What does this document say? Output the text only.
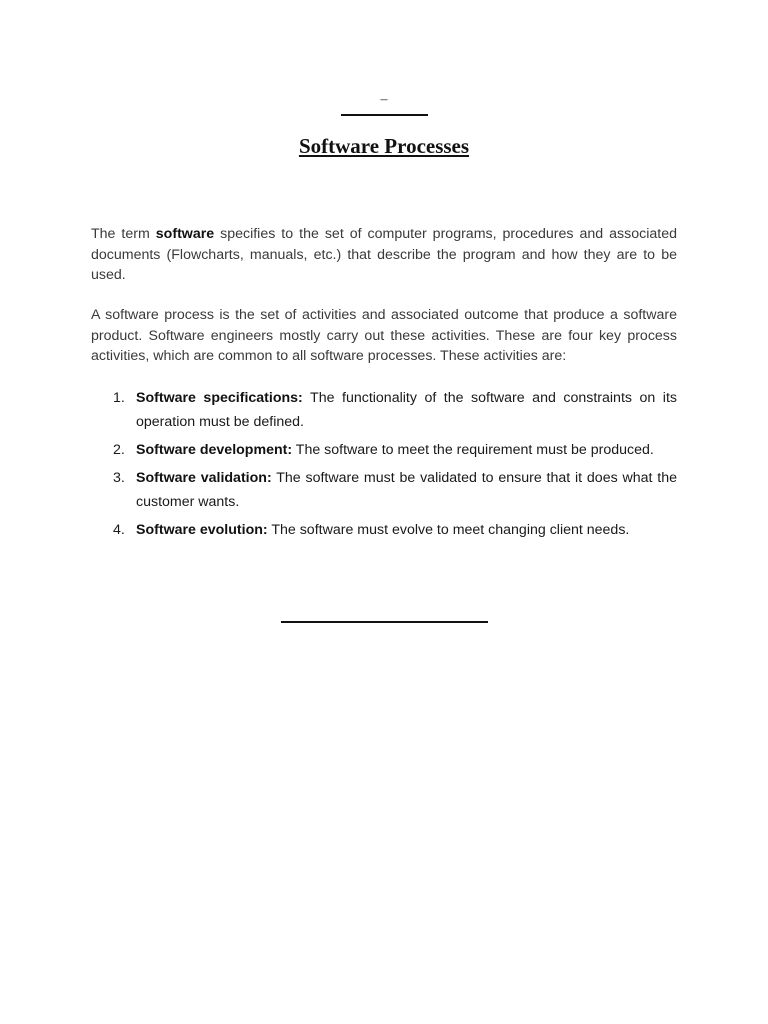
–
Software Processes

The term software specifies to the set of computer programs, procedures and associated documents (Flowcharts, manuals, etc.) that describe the program and how they are to be used.

A software process is the set of activities and associated outcome that produce a software product. Software engineers mostly carry out these activities. These are four key process activities, which are common to all software processes. These activities are:

1. Software specifications: The functionality of the software and constraints on its operation must be defined.
2. Software development: The software to meet the requirement must be produced.
3. Software validation: The software must be validated to ensure that it does what the customer wants.
4. Software evolution: The software must evolve to meet changing client needs.
